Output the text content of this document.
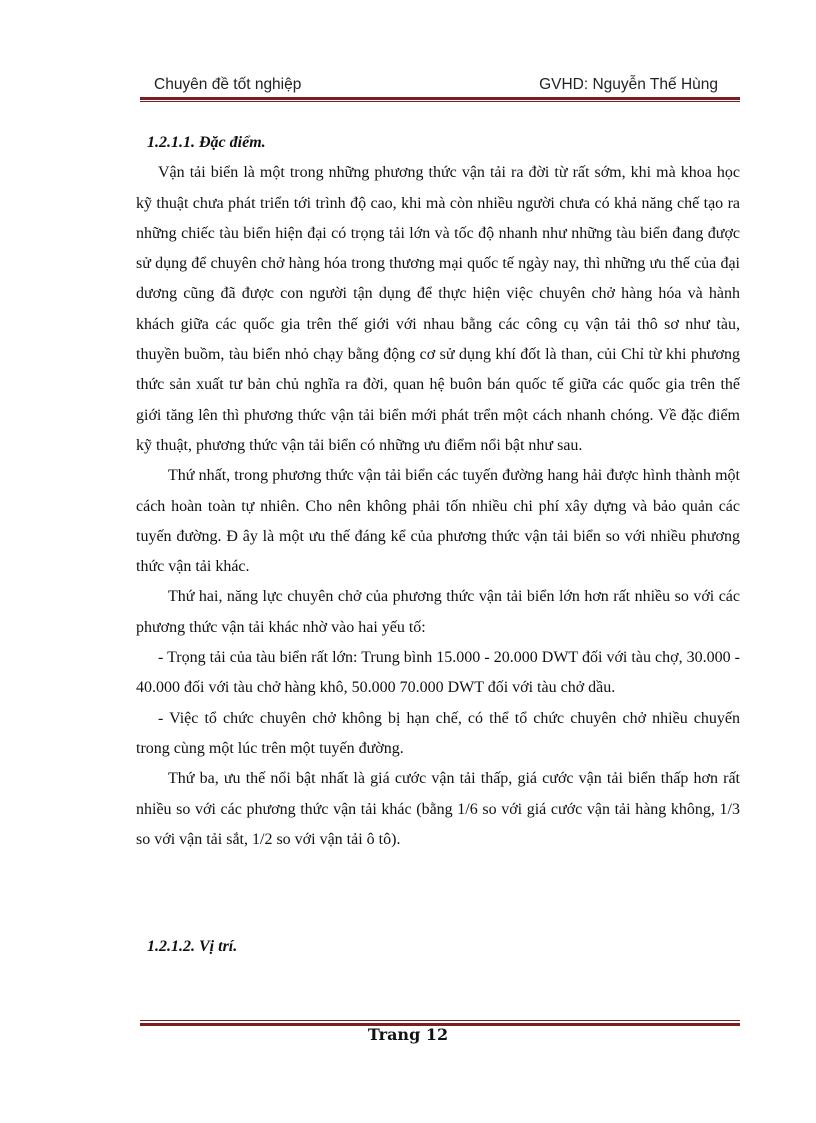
Chuyên đề tốt nghiệp	GVHD: Nguyễn Thế Hùng

1.2.1.1. Đặc điểm.

Vận tải biển là một trong những phương thức vận tải ra đời từ rất sớm, khi mà khoa học kỹ thuật chưa phát triển tới trình độ cao, khi mà còn nhiều người chưa có khả năng chế tạo ra những chiếc tàu biển hiện đại có trọng tải lớn và tốc độ nhanh như những tàu biển đang được sử dụng để chuyên chở hàng hóa trong thương mại quốc tế ngày nay, thì những ưu thế của đại dương cũng đã được con người tận dụng để thực hiện việc chuyên chở hàng hóa và hành khách giữa các quốc gia trên thế giới với nhau bằng các công cụ vận tải thô sơ như tàu, thuyền buồm, tàu biển nhỏ chạy bằng động cơ sử dụng khí đốt là than, củi Chỉ từ khi phương thức sản xuất tư bản chủ nghĩa ra đời, quan hệ buôn bán quốc tế giữa các quốc gia trên thế giới tăng lên thì phương thức vận tải biển mới phát trển một cách nhanh chóng. Về đặc điểm kỹ thuật, phương thức vận tải biển có những ưu điểm nổi bật như sau.

Thứ nhất, trong phương thức vận tải biển các tuyến đường hang hải được hình thành một cách hoàn toàn tự nhiên. Cho nên không phải tốn nhiều chi phí xây dựng và bảo quản các tuyến đường. Đ ây là một ưu thế đáng kể của phương thức vận tải biển so với nhiều phương thức vận tải khác.

Thứ hai, năng lực chuyên chở của phương thức vận tải biển lớn hơn rất nhiều so với các phương thức vận tải khác nhờ vào hai yếu tố:

- Trọng tải của tàu biển rất lớn: Trung bình 15.000 - 20.000 DWT đối với tàu chợ, 30.000 - 40.000 đối với tàu chở hàng khô, 50.000 70.000 DWT đối với tàu chở dầu.

- Việc tổ chức chuyên chở không bị hạn chế, có thể tổ chức chuyên chở nhiều chuyến trong cùng một lúc trên một tuyến đường.

Thứ ba, ưu thế nổi bật nhất là giá cước vận tải thấp, giá cước vận tải biển thấp hơn rất nhiều so với các phương thức vận tải khác (bằng 1/6 so với giá cước vận tải hàng không, 1/3 so với vận tải sắt, 1/2 so với vận tải ô tô).

1.2.1.2. Vị trí.

Trang 12
